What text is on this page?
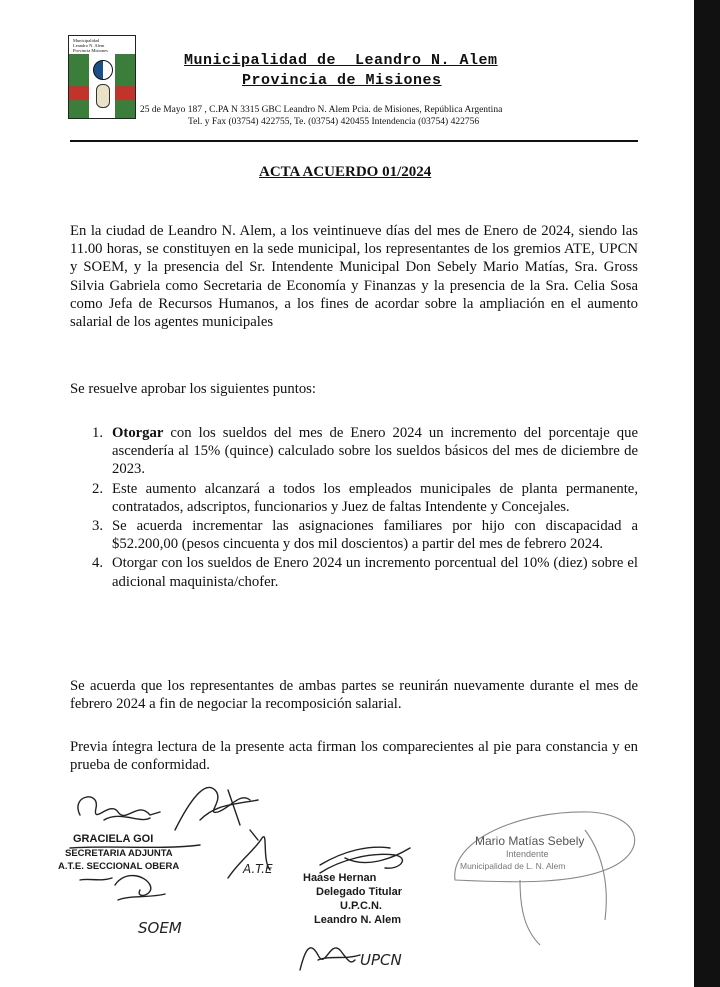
Municipalidad
Leandro N. Alem
Provincia Misiones
Municipalidad de  Leandro N. Alem
Provincia de Misiones
25 de Mayo 187 , C.PA N 3315 GBC Leandro N. Alem Pcia. de Misiones, República Argentina
Tel. y Fax (03754) 422755, Te. (03754) 420455 Intendencia (03754) 422756
ACTA ACUERDO 01/2024
En la ciudad de Leandro N. Alem, a los veintinueve días del mes de Enero de 2024, siendo las 11.00 horas, se constituyen en la sede municipal, los representantes de los gremios ATE, UPCN y SOEM, y la presencia del Sr. Intendente Municipal Don Sebely Mario Matías, Sra. Gross Silvia Gabriela como Secretaria de Economía y Finanzas y la presencia de la Sra. Celia Sosa como Jefa de Recursos Humanos, a los fines de acordar sobre la ampliación en el aumento salarial de los agentes municipales
Se resuelve aprobar los siguientes puntos:
1. Otorgar con los sueldos del mes de Enero 2024 un incremento del porcentaje que ascendería al 15% (quince) calculado sobre los sueldos básicos del mes de diciembre de 2023.
2. Este aumento alcanzará a todos los empleados municipales de planta permanente, contratados, adscriptos, funcionarios y Juez de faltas Intendente y Concejales.
3. Se acuerda incrementar las asignaciones familiares por hijo con discapacidad a $52.200,00 (pesos cincuenta y dos mil doscientos) a partir del mes de febrero 2024.
4. Otorgar con los sueldos de Enero 2024 un incremento porcentual del 10% (diez) sobre el adicional maquinista/chofer.
Se acuerda que los representantes de ambas partes se reunirán nuevamente durante el mes de febrero 2024 a fin de negociar la recomposición salarial.
Previa íntegra lectura de la presente acta firman los comparecientes al pie para constancia y en prueba de conformidad.
A.T.E
SOEM
UPCN
GRACIELA GOI
SECRETARIA ADJUNTA
A.T.E. SECCIONAL OBERA
Haase Hernan
Delegado Titular
U.P.C.N.
Leandro N. Alem
Mario Matías Sebely
Intendente
Municipalidad de L. N. Alem
